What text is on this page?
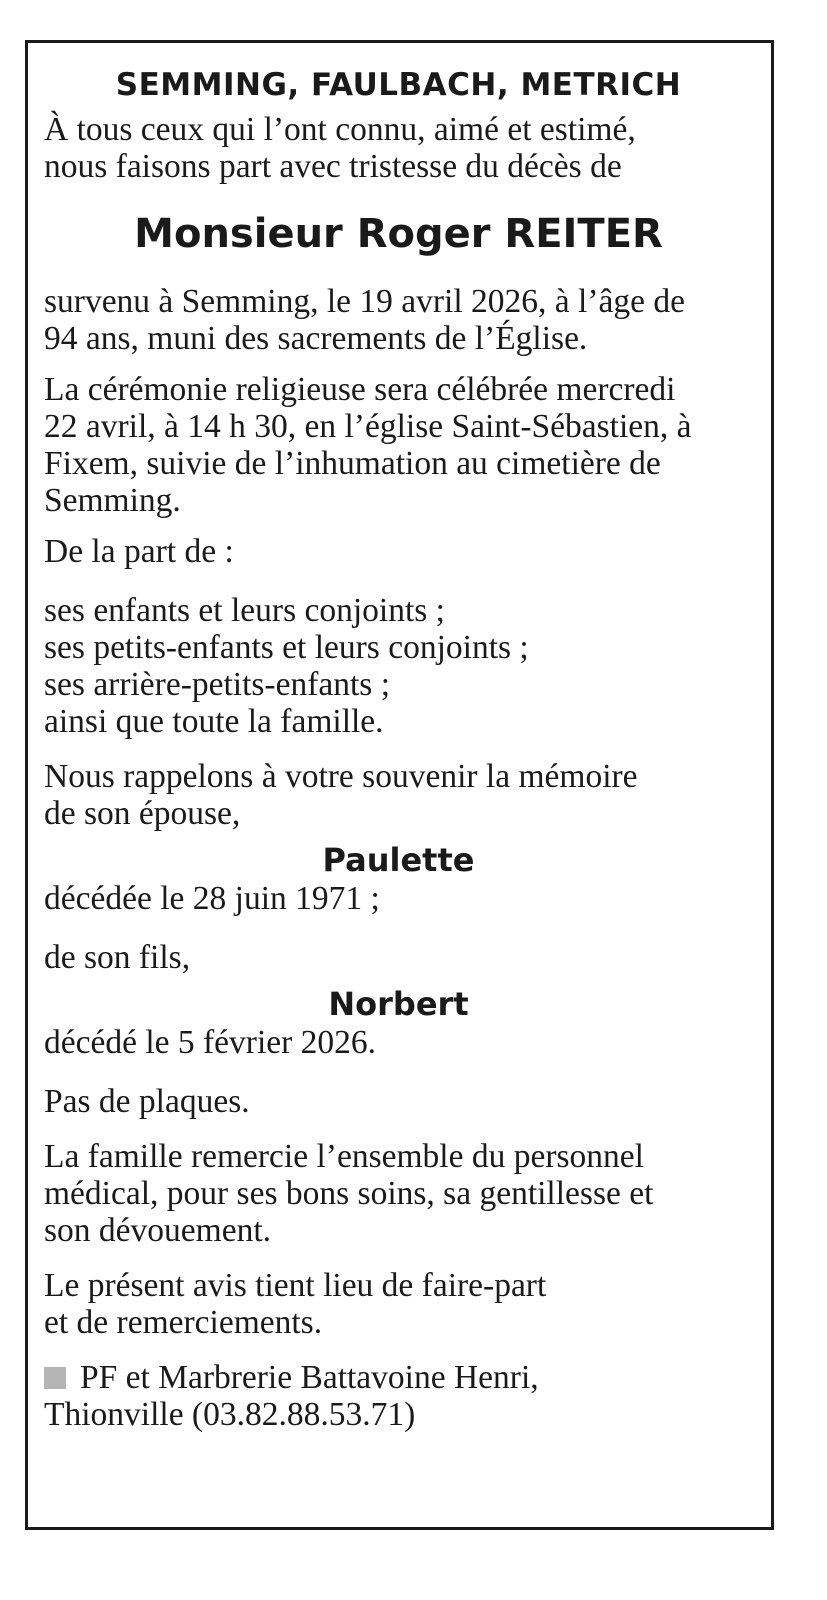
SEMMING, FAULBACH, METRICH

À tous ceux qui l’ont connu, aimé et estimé,
nous faisons part avec tristesse du décès de

Monsieur Roger REITER

survenu à Semming, le 19 avril 2026, à l’âge de
94 ans, muni des sacrements de l’Église.

La cérémonie religieuse sera célébrée mercredi
22 avril, à 14 h 30, en l’église Saint-Sébastien, à
Fixem, suivie de l’inhumation au cimetière de
Semming.

De la part de :

ses enfants et leurs conjoints ;
ses petits-enfants et leurs conjoints ;
ses arrière-petits-enfants ;
ainsi que toute la famille.

Nous rappelons à votre souvenir la mémoire
de son épouse,

Paulette

décédée le 28 juin 1971 ;

de son fils,

Norbert

décédé le 5 février 2026.

Pas de plaques.

La famille remercie l’ensemble du personnel
médical, pour ses bons soins, sa gentillesse et
son dévouement.

Le présent avis tient lieu de faire-part
et de remerciements.

PF et Marbrerie Battavoine Henri,
Thionville (03.82.88.53.71)
